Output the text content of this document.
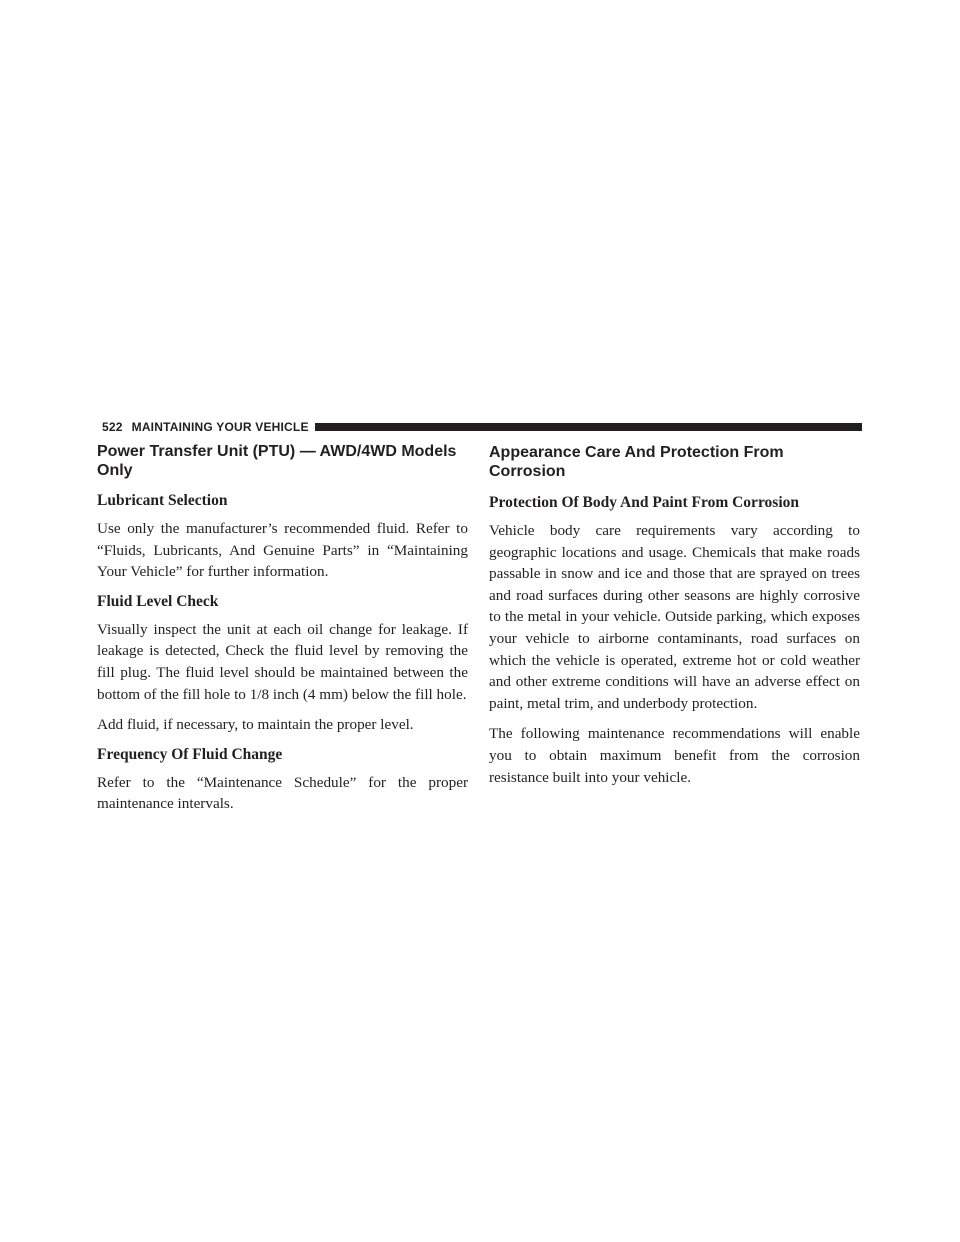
522 MAINTAINING YOUR VEHICLE
Power Transfer Unit (PTU) — AWD/4WD Models Only
Lubricant Selection

Use only the manufacturer’s recommended fluid. Refer to “Fluids, Lubricants, And Genuine Parts” in “Maintaining Your Vehicle” for further information.

Fluid Level Check

Visually inspect the unit at each oil change for leakage. If leakage is detected, Check the fluid level by removing the fill plug. The fluid level should be maintained between the bottom of the fill hole to 1/8 inch (4 mm) below the fill hole.

Add fluid, if necessary, to maintain the proper level.

Frequency Of Fluid Change

Refer to the “Maintenance Schedule” for the proper maintenance intervals.

Appearance Care And Protection From Corrosion
Protection Of Body And Paint From Corrosion

Vehicle body care requirements vary according to geographic locations and usage. Chemicals that make roads passable in snow and ice and those that are sprayed on trees and road surfaces during other seasons are highly corrosive to the metal in your vehicle. Outside parking, which exposes your vehicle to airborne contaminants, road surfaces on which the vehicle is operated, extreme hot or cold weather and other extreme conditions will have an adverse effect on paint, metal trim, and underbody protection.

The following maintenance recommendations will enable you to obtain maximum benefit from the corrosion resistance built into your vehicle.
